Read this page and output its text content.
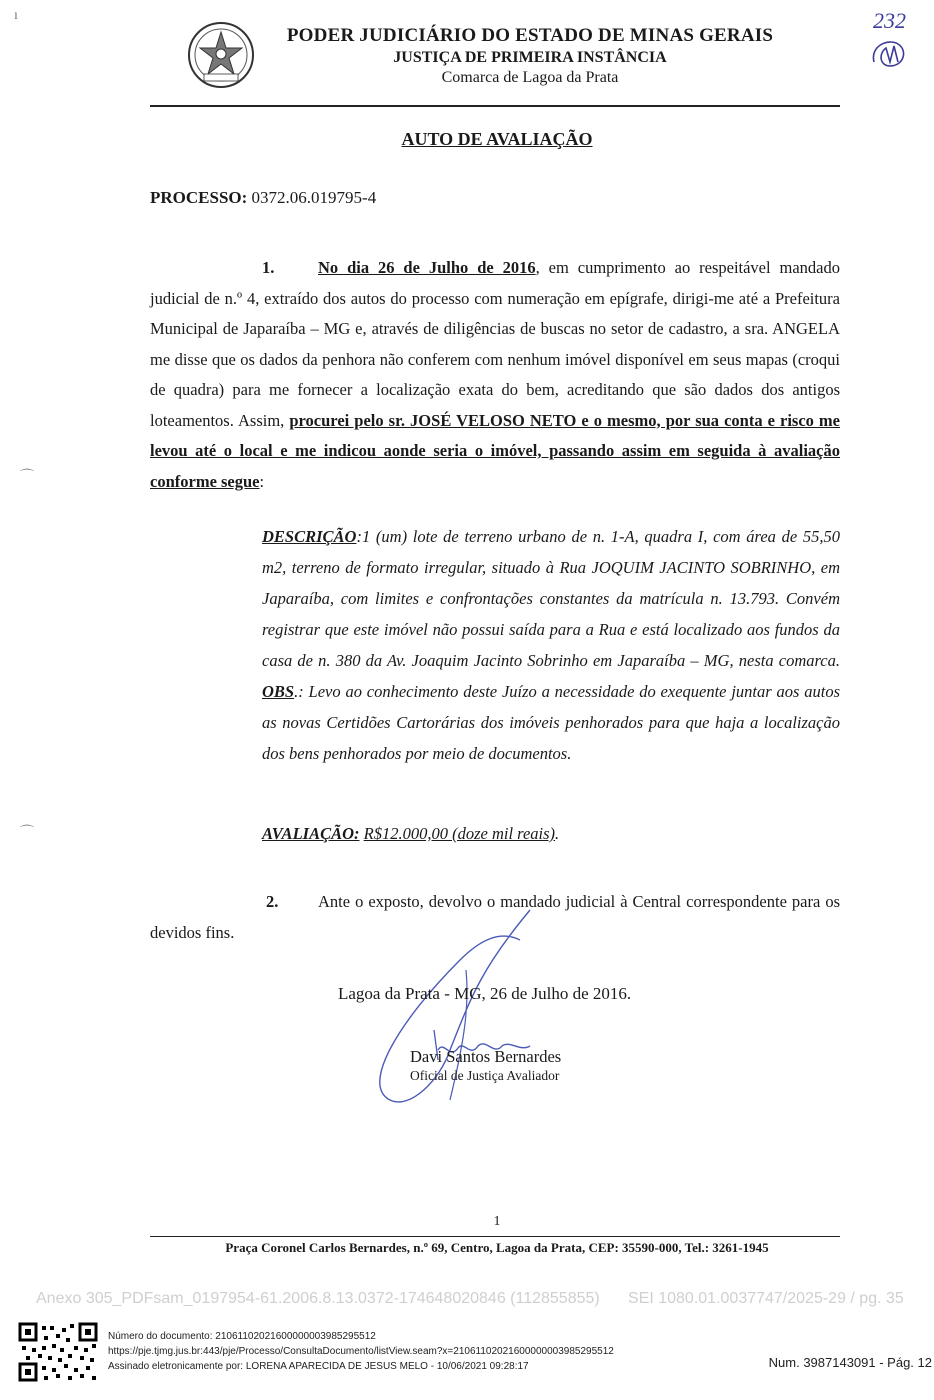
PODER JUDICIÁRIO DO ESTADO DE MINAS GERAIS
JUSTIÇA DE PRIMEIRA INSTÂNCIA
Comarca de Lagoa da Prata
232
ı
⌒
⌒
AUTO DE AVALIAÇÃO
PROCESSO: 0372.06.019795-4
1.	No dia 26 de Julho de 2016, em cumprimento ao respeitável mandado judicial de n.º 4, extraído dos autos do processo com numeração em epígrafe, dirigi-me até a Prefeitura Municipal de Japaraíba – MG e, através de diligências de buscas no setor de cadastro, a sra. ANGELA me disse que os dados da penhora não conferem com nenhum imóvel disponível em seus mapas (croqui de quadra) para me fornecer a localização exata do bem, acreditando que são dados dos antigos loteamentos. Assim, procurei pelo sr. JOSÉ VELOSO NETO e o mesmo, por sua conta e risco me levou até o local e me indicou aonde seria o imóvel, passando assim em seguida à avaliação conforme segue:
DESCRIÇÃO:1 (um) lote de terreno urbano de n. 1-A, quadra I, com área de 55,50 m2, terreno de formato irregular, situado à Rua JOQUIM JACINTO SOBRINHO, em Japaraíba, com limites e confrontações constantes da matrícula n. 13.793. Convém registrar que este imóvel não possui saída para a Rua e está localizado aos fundos da casa de n. 380 da Av. Joaquim Jacinto Sobrinho em Japaraíba – MG, nesta comarca. OBS.: Levo ao conhecimento deste Juízo a necessidade do exequente juntar aos autos as novas Certidões Cartorárias dos imóveis penhorados para que haja a localização dos bens penhorados por meio de documentos.
AVALIAÇÃO: R$12.000,00 (doze mil reais).
2. Ante o exposto, devolvo o mandado judicial à Central correspondente para os devidos fins.
Lagoa da Prata - MG, 26 de Julho de 2016.
Davi Santos Bernardes
Oficial de Justiça Avaliador
1
Praça Coronel Carlos Bernardes, n.º 69, Centro, Lagoa da Prata, CEP: 35590-000, Tel.: 3261-1945
Anexo 305_PDFsam_0197954-61.2006.8.13.0372-174648020846 (112855855) SEI 1080.01.0037747/2025-29 / pg. 35
Número do documento: 21061102021600000003985295512
https://pje.tjmg.jus.br:443/pje/Processo/ConsultaDocumento/listView.seam?x=21061102021600000003985295512
Assinado eletronicamente por: LORENA APARECIDA DE JESUS MELO - 10/06/2021 09:28:17	Num. 3987143091 - Pág. 12
